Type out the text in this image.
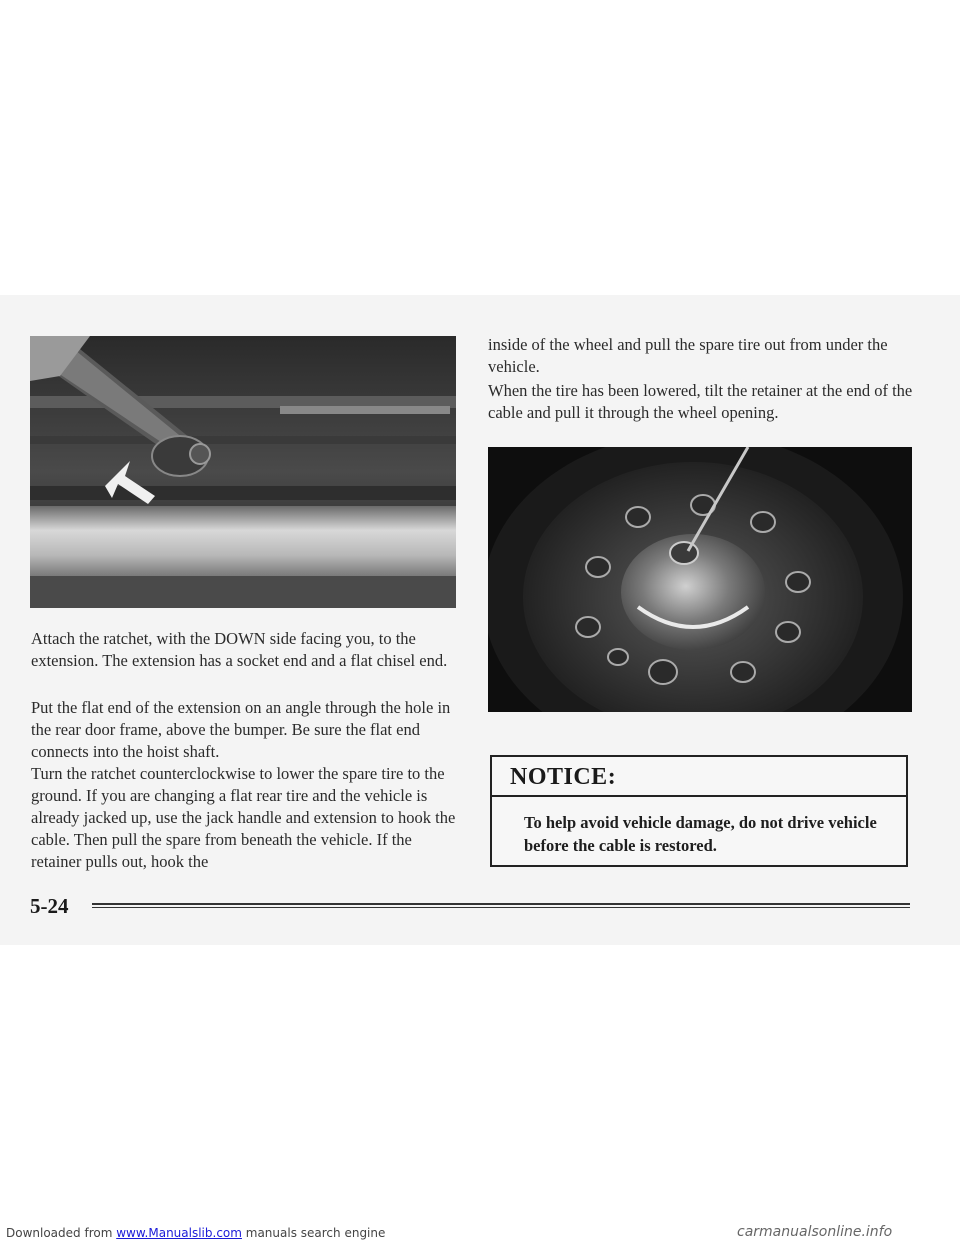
Attach the ratchet, with the DOWN side facing you, to the extension. The extension has a socket end and a flat chisel end.

Put the flat end of the extension on an angle through the hole in the rear door frame, above the bumper. Be sure the flat end connects into the hoist shaft.

Turn the ratchet counterclockwise to lower the spare tire to the ground. If you are changing a flat rear tire and the vehicle is already jacked up, use the jack handle and extension to hook the cable. Then pull the spare from beneath the vehicle. If the retainer pulls out, hook the

inside of the wheel and pull the spare tire out from under the vehicle.

When the tire has been lowered, tilt the retainer at the end of the cable and pull it through the wheel opening.

NOTICE:
To help avoid vehicle damage, do not drive vehicle before the cable is restored.
5-24
Downloaded from www.Manualslib.com manuals search engine	carmanualsonline.info
